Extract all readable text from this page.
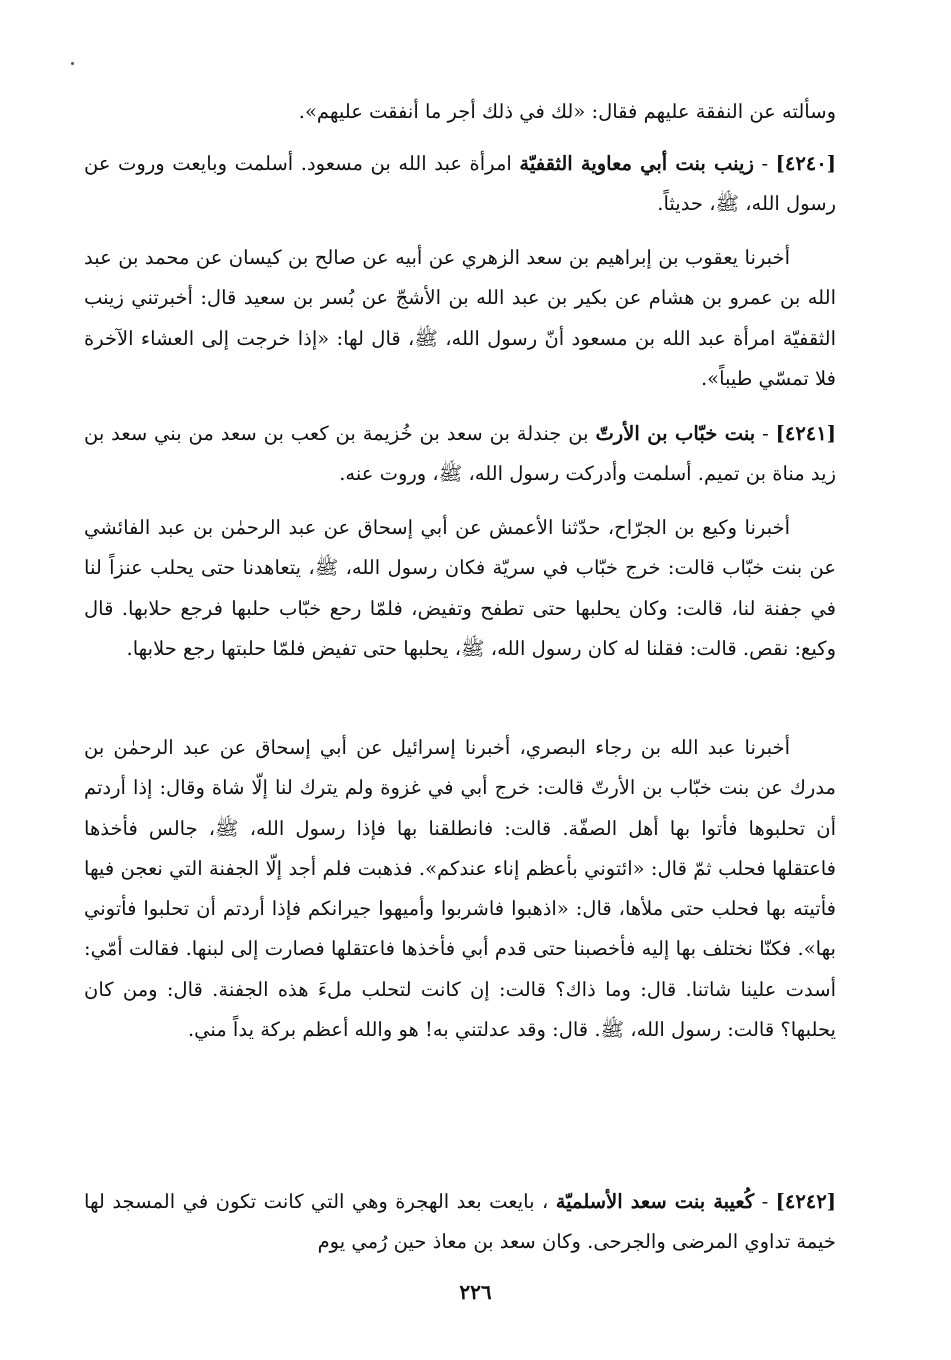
وسألته عن النفقة عليهم فقال: «لك في ذلك أجر ما أنفقت عليهم».

[٤٢٤٠] - زينب بنت أبي معاوية الثقفيّة امرأة عبد الله بن مسعود. أسلمت وبايعت وروت عن رسول الله، ﷺ، حديثاً.

أخبرنا يعقوب بن إبراهيم بن سعد الزهري عن أبيه عن صالح بن كيسان عن محمد بن عبد الله بن عمرو بن هشام عن بكير بن عبد الله بن الأشجّ عن بُسر بن سعيد قال: أخبرتني زينب الثقفيّة امرأة عبد الله بن مسعود أنّ رسول الله، ﷺ، قال لها: «إذا خرجت إلى العشاء الآخرة فلا تمسّي طيباً».

[٤٢٤١] - بنت خبّاب بن الأرتّ بن جندلة بن سعد بن خُزيمة بن كعب بن سعد من بني سعد بن زيد مناة بن تميم. أسلمت وأدركت رسول الله، ﷺ، وروت عنه.

أخبرنا وكيع بن الجرّاح، حدّثنا الأعمش عن أبي إسحاق عن عبد الرحمٰن بن عبد الفائشي عن بنت خبّاب قالت: خرج خبّاب في سريّة فكان رسول الله، ﷺ، يتعاهدنا حتى يحلب عنزاً لنا في جفنة لنا، قالت: وكان يحلبها حتى تطفح وتفيض، فلمّا رحع خبّاب حلبها فرجع حلابها. قال وكيع: نقص. قالت: فقلنا له كان رسول الله، ﷺ، يحلبها حتى تفيض فلمّا حلبتها رجع حلابها.

أخبرنا عبد الله بن رجاء البصري، أخبرنا إسرائيل عن أبي إسحاق عن عبد الرحمٰن بن مدرك عن بنت خبّاب بن الأرتّ قالت: خرج أبي في غزوة ولم يترك لنا إلّا شاة وقال: إذا أردتم أن تحلبوها فأتوا بها أهل الصفّة. قالت: فانطلقنا بها فإذا رسول الله، ﷺ، جالس فأخذها فاعتقلها فحلب ثمّ قال: «ائتوني بأعظم إناء عندكم». فذهبت فلم أجد إلّا الجفنة التي نعجن فيها فأتيته بها فحلب حتى ملأها، قال: «اذهبوا فاشربوا وأميهوا جيرانكم فإذا أردتم أن تحلبوا فأتوني بها». فكنّا نختلف بها إليه فأخصبنا حتى قدم أبي فأخذها فاعتقلها فصارت إلى لبنها. فقالت أمّي: أسدت علينا شاتنا. قال: وما ذاك؟ قالت: إن كانت لتحلب ملءَ هذه الجفنة. قال: ومن كان يحلبها؟ قالت: رسول الله، ﷺ. قال: وقد عدلتني به! هو والله أعظم بركة يداً مني.

[٤٢٤٢] - كُعيبة بنت سعد الأسلميّة ، بايعت بعد الهجرة وهي التي كانت تكون في المسجد لها خيمة تداوي المرضى والجرحى. وكان سعد بن معاذ حين رُمي يوم

٢٢٦
